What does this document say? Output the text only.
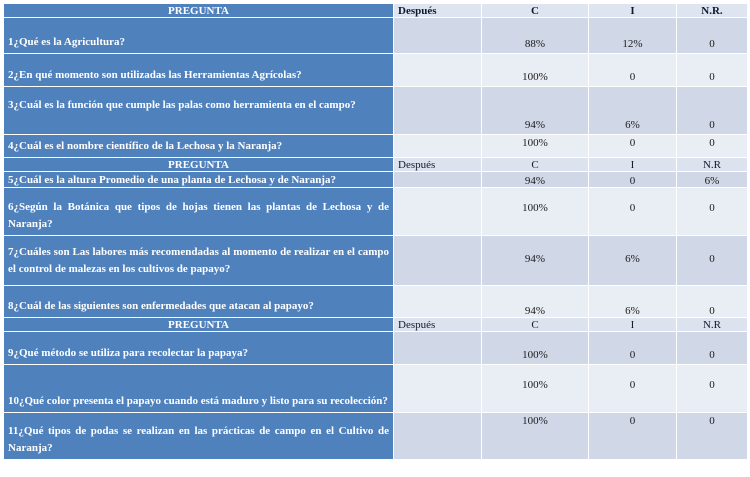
PREGUNTA	Después	C	I	N.R.
1¿Qué es la Agricultura?		88%	12%	0
2¿En qué momento son utilizadas las Herramientas Agrícolas?		100%	0	0
3¿Cuál es la función que cumple las palas como herramienta en el campo?		94%	6%	0
4¿Cuál es el nombre científico de la Lechosa y la Naranja?		100%	0	0
PREGUNTA	Después	C	I	N.R
5¿Cuál es la altura Promedio de una planta de Lechosa y de Naranja?		94%	0	6%
6¿Según la Botánica que tipos de hojas tienen las plantas de Lechosa y de Naranja?		100%	0	0
7¿Cuáles son Las labores más recomendadas al momento de realizar en el campo el control de malezas en los cultivos de papayo?		94%	6%	0
8¿Cuál de las siguientes son enfermedades que atacan al papayo?		94%	6%	0
PREGUNTA	Después	C	I	N.R
9¿Qué método se utiliza para recolectar la papaya?		100%	0	0
10¿Qué color presenta el papayo cuando está maduro y listo para su recolección?		100%	0	0
11¿Qué tipos de podas se realizan en las prácticas de campo en el Cultivo de Naranja?		100%	0	0
